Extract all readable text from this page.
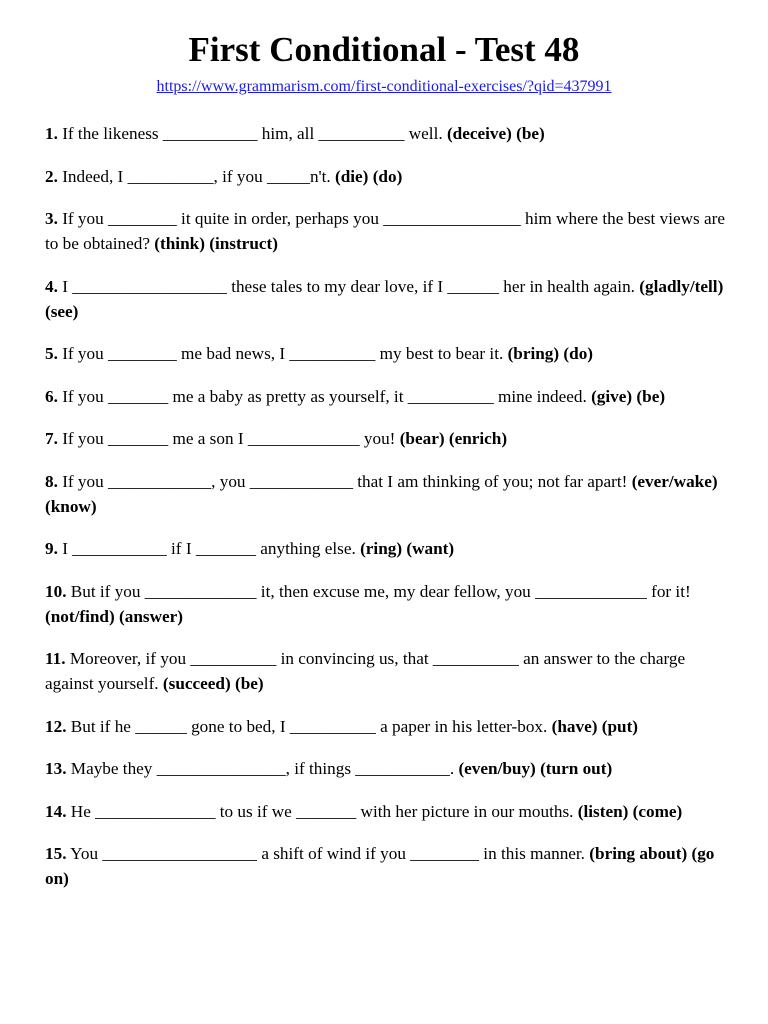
First Conditional - Test 48
https://www.grammarism.com/first-conditional-exercises/?qid=437991
1. If the likeness ___________ him, all __________ well. (deceive) (be)
2. Indeed, I __________, if you _____n't. (die) (do)
3. If you ________ it quite in order, perhaps you ________________ him where the best views are to be obtained? (think) (instruct)
4. I __________________ these tales to my dear love, if I ______ her in health again. (gladly/tell) (see)
5. If you ________ me bad news, I __________ my best to bear it. (bring) (do)
6. If you _______ me a baby as pretty as yourself, it __________ mine indeed. (give) (be)
7. If you _______ me a son I _____________ you! (bear) (enrich)
8. If you ____________, you ____________ that I am thinking of you; not far apart! (ever/wake) (know)
9. I ___________ if I _______ anything else. (ring) (want)
10. But if you _____________ it, then excuse me, my dear fellow, you _____________ for it! (not/find) (answer)
11. Moreover, if you __________ in convincing us, that __________ an answer to the charge against yourself. (succeed) (be)
12. But if he ______ gone to bed, I __________ a paper in his letter-box. (have) (put)
13. Maybe they _______________, if things ___________. (even/buy) (turn out)
14. He ______________ to us if we _______ with her picture in our mouths. (listen) (come)
15. You __________________ a shift of wind if you ________ in this manner. (bring about) (go on)
